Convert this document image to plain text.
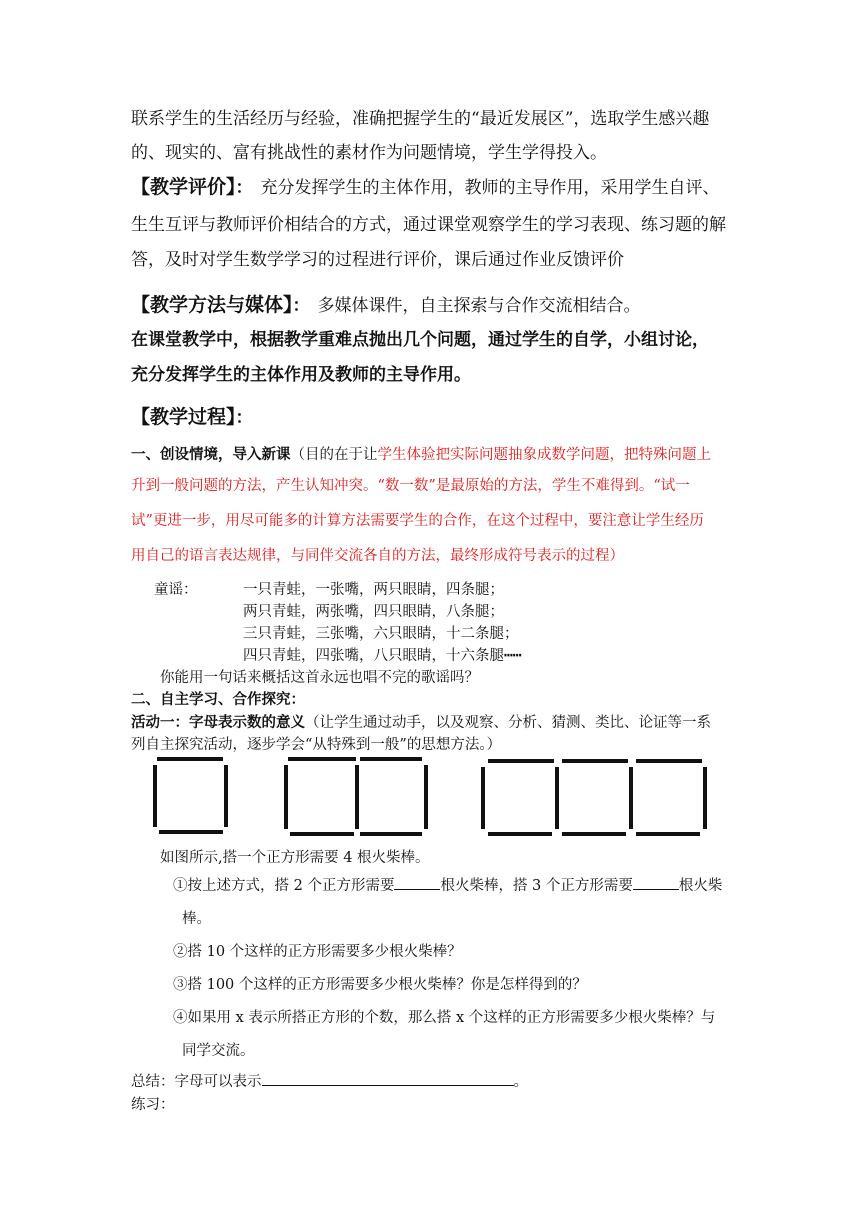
联系学生的生活经历与经验，准确把握学生的“最近发展区”，选取学生感兴趣
的、现实的、富有挑战性的素材作为问题情境，学生学得投入。
【教学评价】： 充分发挥学生的主体作用，教师的主导作用，采用学生自评、
生生互评与教师评价相结合的方式，通过课堂观察学生的学习表现、练习题的解
答，及时对学生数学学习的过程进行评价，课后通过作业反馈评价
【教学方法与媒体】： 多媒体课件，自主探索与合作交流相结合。
在课堂教学中，根据教学重难点抛出几个问题，通过学生的自学，小组讨论，
充分发挥学生的主体作用及教师的主导作用。
【教学过程】：
一、创设情境，导入新课（目的在于让学生体验把实际问题抽象成数学问题，把特殊问题上
升到一般问题的方法，产生认知冲突。“数一数”是最原始的方法，学生不难得到。“试一
试”更进一步，用尽可能多的计算方法需要学生的合作，在这个过程中，要注意让学生经历
用自己的语言表达规律，与同伴交流各自的方法，最终形成符号表示的过程）
童谣：	一只青蛙，一张嘴，两只眼睛，四条腿；
两只青蛙，两张嘴，四只眼睛，八条腿；
三只青蛙，三张嘴，六只眼睛，十二条腿；
四只青蛙，四张嘴，八只眼睛，十六条腿┅┅
你能用一句话来概括这首永远也唱不完的歌谣吗？
二、自主学习、合作探究：
活动一：字母表示数的意义（让学生通过动手，以及观察、分析、猜测、类比、论证等一系
列自主探究活动，逐步学会“从特殊到一般”的思想方法。）
如图所示,搭一个正方形需要 4 根火柴棒。
①按上述方式，搭 2 个正方形需要	根火柴棒，搭 3 个正方形需要	根火柴
棒。
②搭 10 个这样的正方形需要多少根火柴棒？
③搭 100 个这样的正方形需要多少根火柴棒？你是怎样得到的？
④如果用 x 表示所搭正方形的个数，那么搭 x 个这样的正方形需要多少根火柴棒？与
同学交流。
总结：字母可以表示	。
练习：
